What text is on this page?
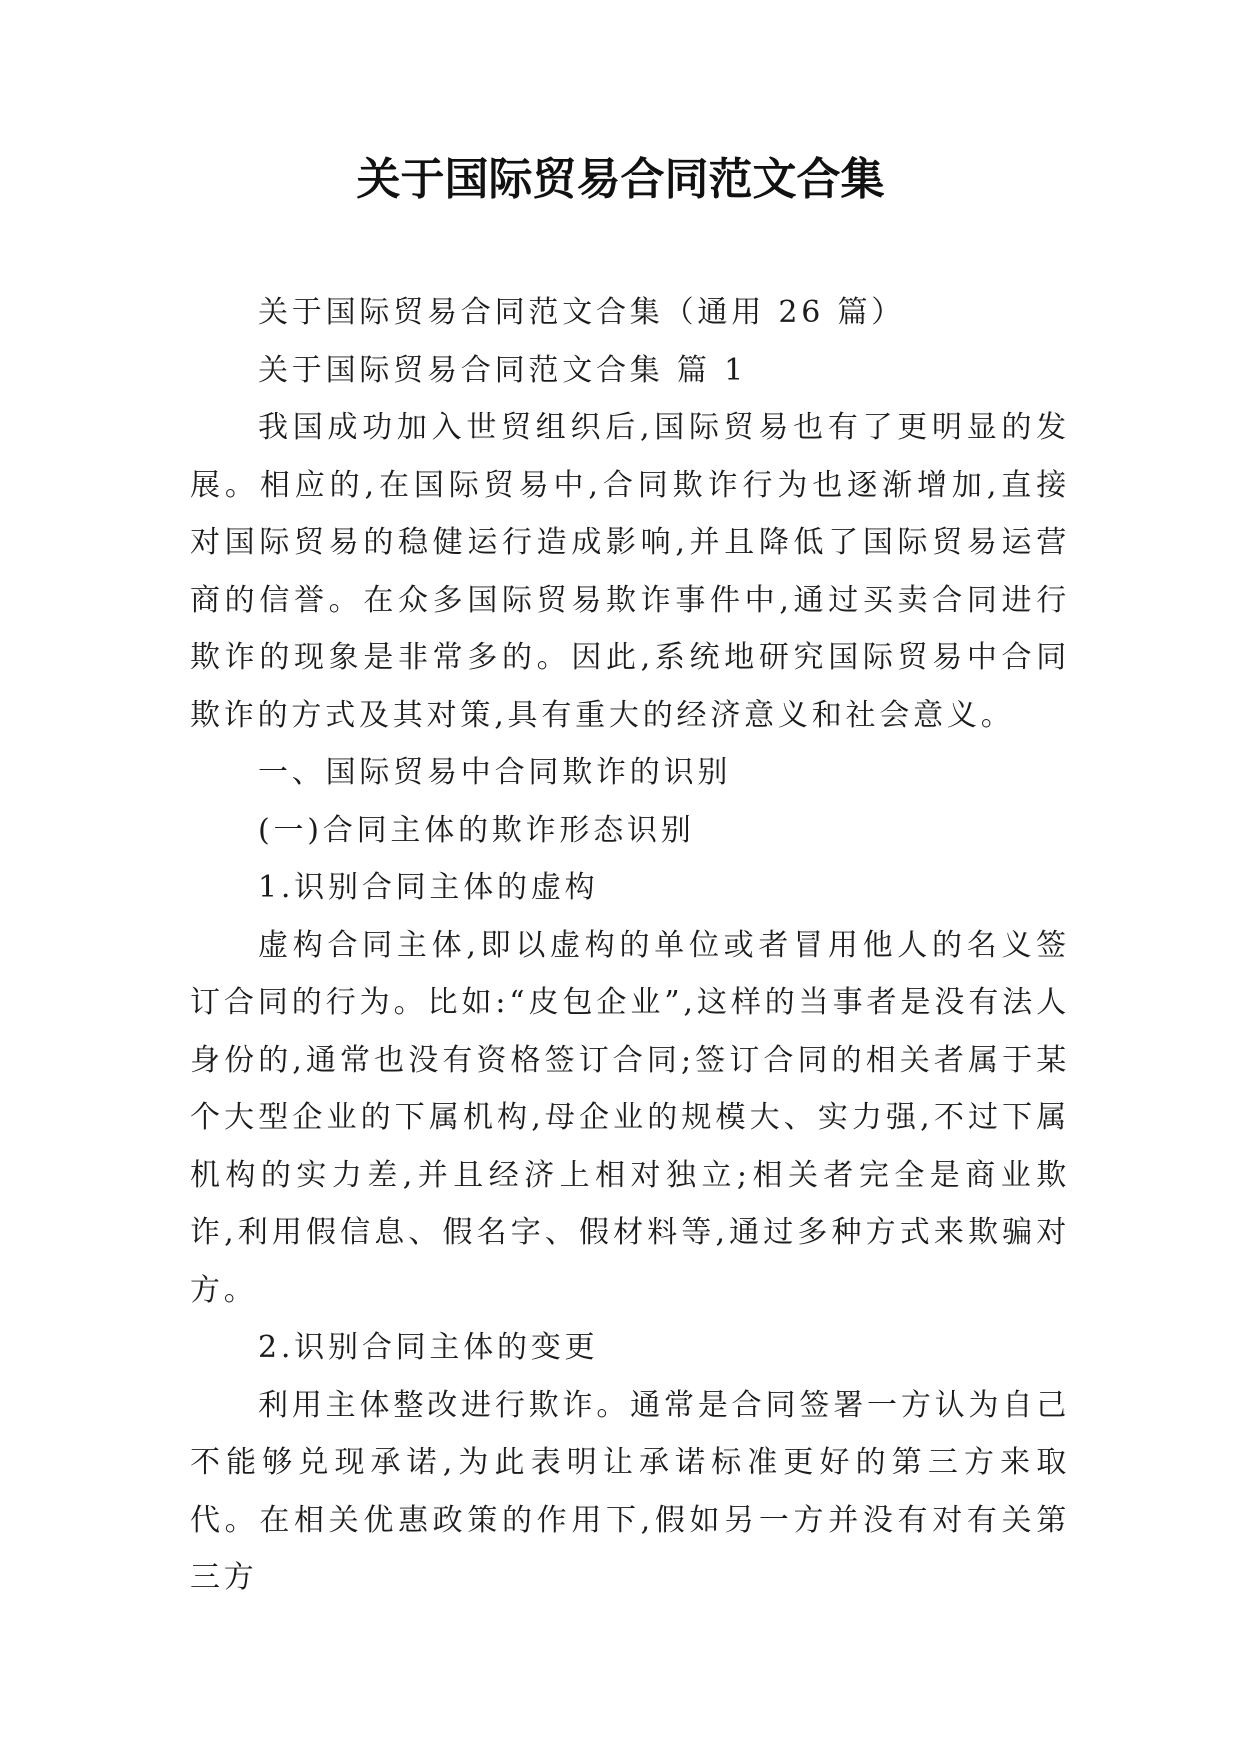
关于国际贸易合同范文合集

关于国际贸易合同范文合集（通用 26 篇）

关于国际贸易合同范文合集 篇 1

我国成功加入世贸组织后,国际贸易也有了更明显的发展。相应的,在国际贸易中,合同欺诈行为也逐渐增加,直接对国际贸易的稳健运行造成影响,并且降低了国际贸易运营商的信誉。在众多国际贸易欺诈事件中,通过买卖合同进行欺诈的现象是非常多的。因此,系统地研究国际贸易中合同欺诈的方式及其对策,具有重大的经济意义和社会意义。

一、国际贸易中合同欺诈的识别

(一)合同主体的欺诈形态识别

1.识别合同主体的虚构

虚构合同主体,即以虚构的单位或者冒用他人的名义签订合同的行为。比如:“皮包企业”,这样的当事者是没有法人身份的,通常也没有资格签订合同;签订合同的相关者属于某个大型企业的下属机构,母企业的规模大、实力强,不过下属机构的实力差,并且经济上相对独立;相关者完全是商业欺诈,利用假信息、假名字、假材料等,通过多种方式来欺骗对方。

2.识别合同主体的变更

利用主体整改进行欺诈。通常是合同签署一方认为自己不能够兑现承诺,为此表明让承诺标准更好的第三方来取代。在相关优惠政策的作用下,假如另一方并没有对有关第三方
